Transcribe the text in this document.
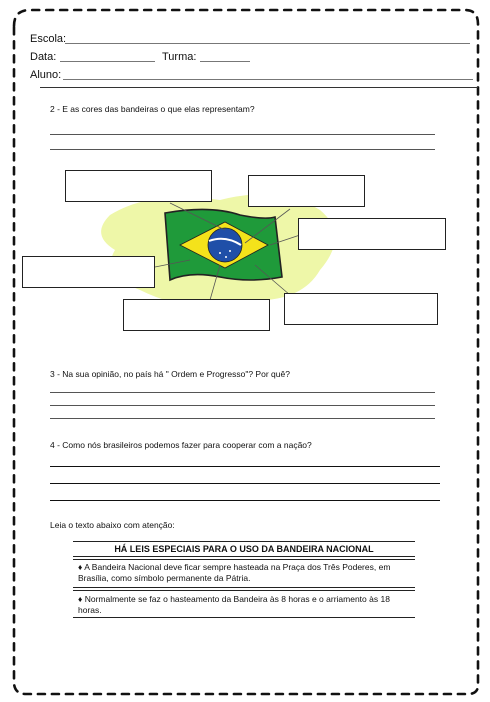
Escola:
Data:	Turma:
Aluno:
2 - E as cores das bandeiras o que elas representam?
3 - Na sua opinião, no país há " Ordem e Progresso"? Por quê?
4 - Como nós brasileiros podemos fazer para cooperar com a nação?
Leia o texto abaixo com atenção:
HÁ LEIS ESPECIAIS PARA O USO DA BANDEIRA NACIONAL
♦ A Bandeira Nacional deve ficar sempre hasteada na Praça dos Três Poderes, em Brasília, como símbolo permanente da Pátria.
♦ Normalmente se faz o hasteamento da Bandeira às 8 horas e o arriamento às 18 horas.
